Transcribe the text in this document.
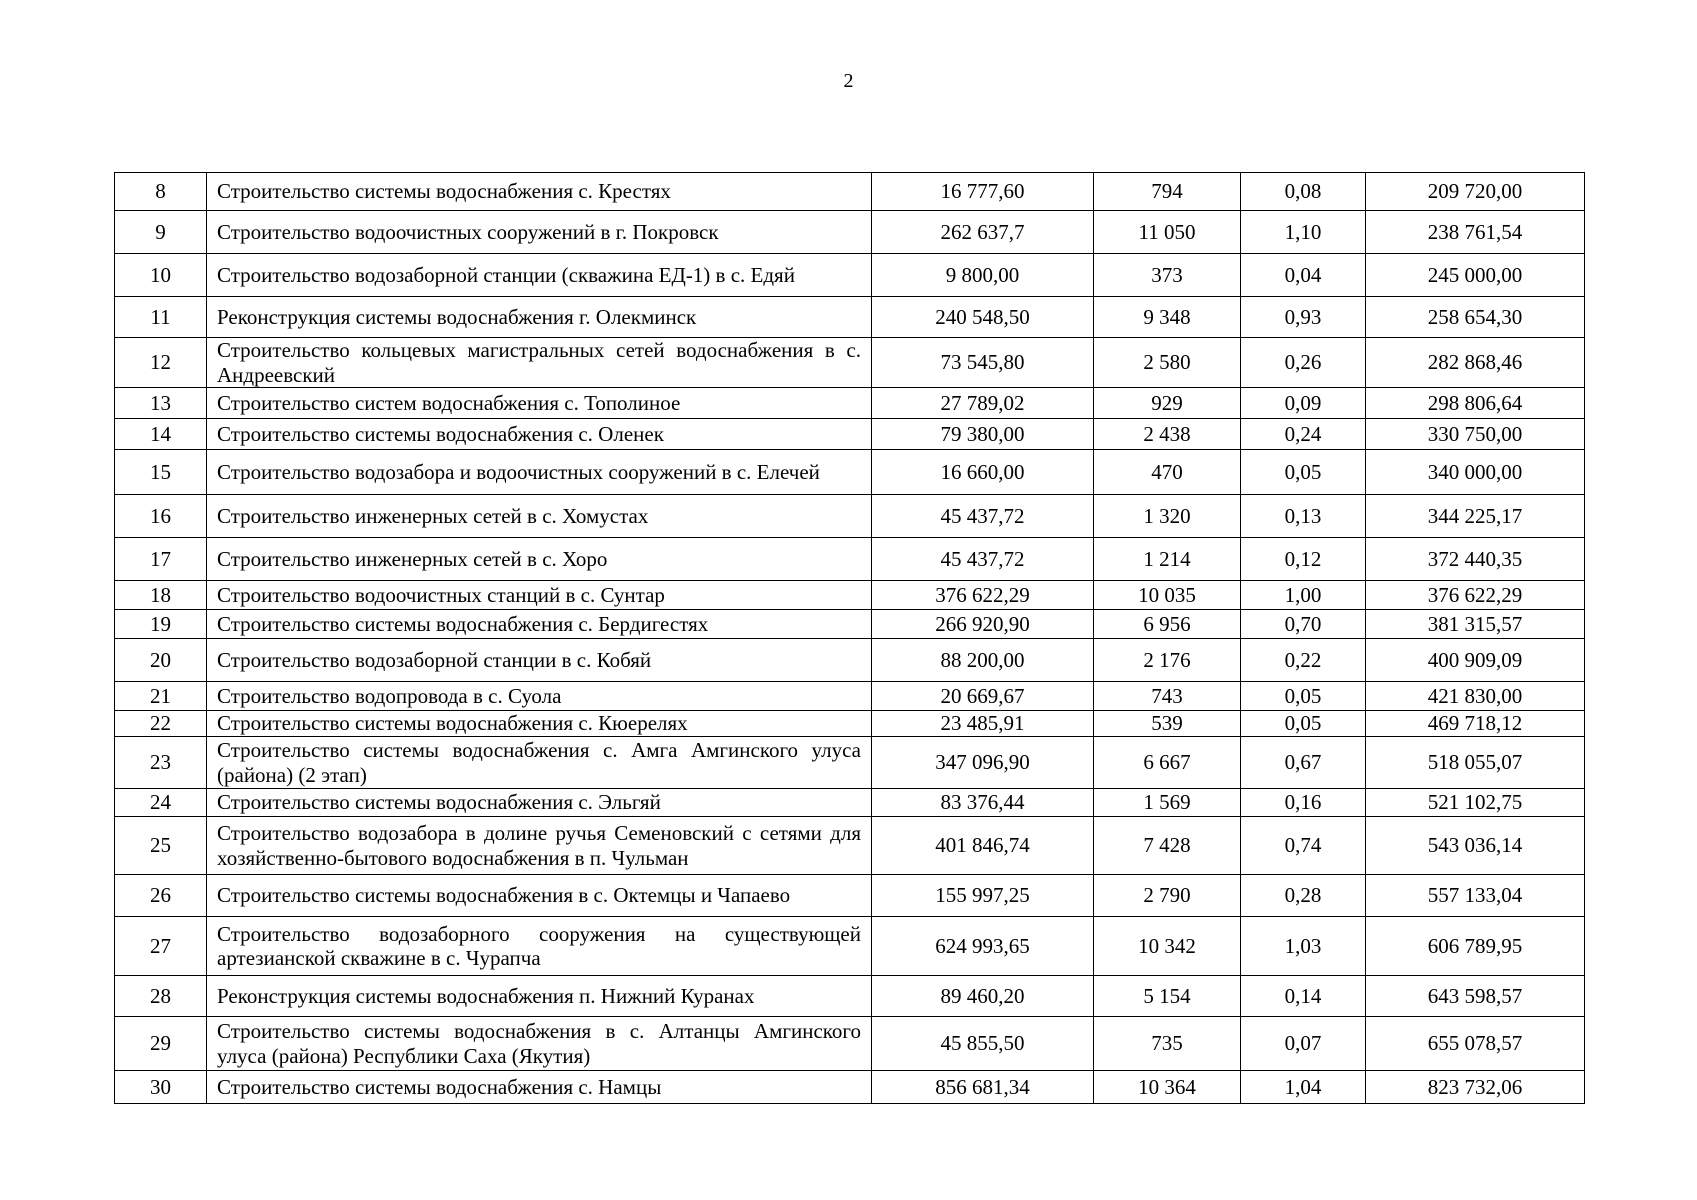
2
8	Строительство системы водоснабжения с. Крестях	16 777,60	794	0,08	209 720,00
9	Строительство водоочистных сооружений в г. Покровск	262 637,7	11 050	1,10	238 761,54
10	Строительство водозаборной станции (скважина ЕД-1) в с. Едяй	9 800,00	373	0,04	245 000,00
11	Реконструкция системы водоснабжения г. Олекминск	240 548,50	9 348	0,93	258 654,30
12	Строительство кольцевых магистральных сетей водоснабжения в с. Андреевский	73 545,80	2 580	0,26	282 868,46
13	Строительство систем водоснабжения с. Тополиное	27 789,02	929	0,09	298 806,64
14	Строительство системы водоснабжения с. Оленек	79 380,00	2 438	0,24	330 750,00
15	Строительство водозабора и водоочистных сооружений в с. Елечей	16 660,00	470	0,05	340 000,00
16	Строительство инженерных сетей в с. Хомустах	45 437,72	1 320	0,13	344 225,17
17	Строительство инженерных сетей в с. Хоро	45 437,72	1 214	0,12	372 440,35
18	Строительство водоочистных станций в с. Сунтар	376 622,29	10 035	1,00	376 622,29
19	Строительство системы водоснабжения с. Бердигестях	266 920,90	6 956	0,70	381 315,57
20	Строительство водозаборной станции в с. Кобяй	88 200,00	2 176	0,22	400 909,09
21	Строительство водопровода в с. Суола	20 669,67	743	0,05	421 830,00
22	Строительство системы водоснабжения с. Кюерелях	23 485,91	539	0,05	469 718,12
23	Строительство системы водоснабжения с. Амга Амгинского улуса (района) (2 этап)	347 096,90	6 667	0,67	518 055,07
24	Строительство системы водоснабжения с. Эльгяй	83 376,44	1 569	0,16	521 102,75
25	Строительство водозабора в долине ручья Семеновский с сетями для хозяйственно-бытового водоснабжения в п. Чульман	401 846,74	7 428	0,74	543 036,14
26	Строительство системы водоснабжения в с. Октемцы и Чапаево	155 997,25	2 790	0,28	557 133,04
27	Строительство водозаборного сооружения на существующей артезианской скважине в с. Чурапча	624 993,65	10 342	1,03	606 789,95
28	Реконструкция системы водоснабжения п. Нижний Куранах	89 460,20	5 154	0,14	643 598,57
29	Строительство системы водоснабжения в с. Алтанцы Амгинского улуса (района) Республики Саха (Якутия)	45 855,50	735	0,07	655 078,57
30	Строительство системы водоснабжения с. Намцы	856 681,34	10 364	1,04	823 732,06
